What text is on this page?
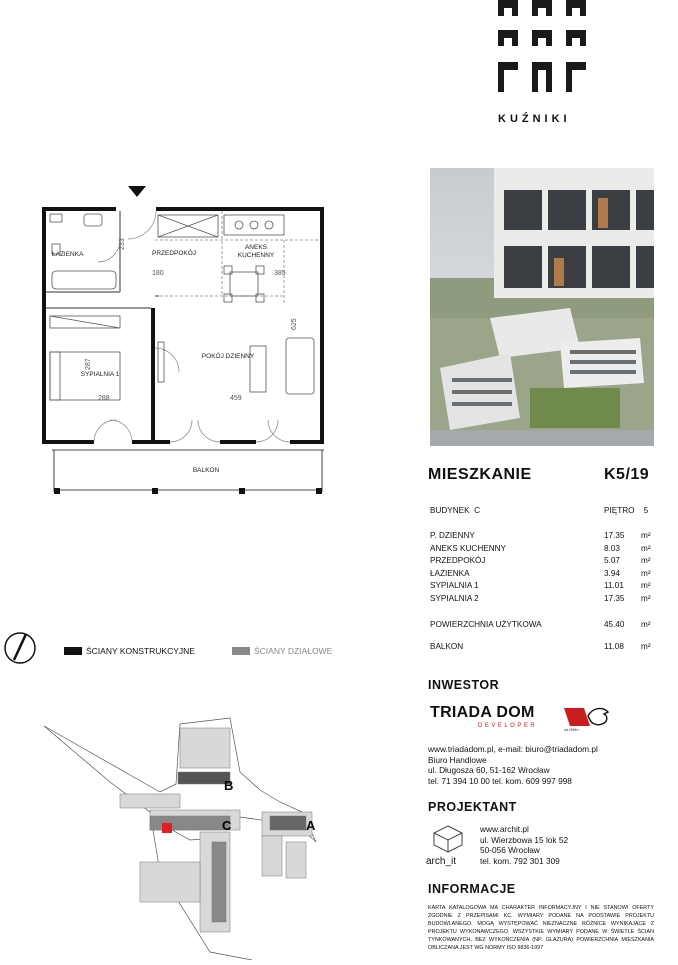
KUŹNIKI
ŁAZIENKA	PRZEDPOKÓJ
ANEKS
KUCHENNY
POKÓJ DZIENNY
SYPIALNIA 1
BALKON
233
180	385
625
287
288	459
MIESZKANIE	K5/19
BUDYNEK C	PIĘTRO 5
P. DZIENNY	17.35 m²
ANEKS KUCHENNY	8.03	m²
PRZEDPOKÓJ	5.07	m²
ŁAZIENKA	3.94	m²
SYPIALNIA 1	11.01 m²
SYPIALNIA 2	17.35 m²
POWIERZCHNIA UŻYTKOWA	45.40 m²
BALKON	11.08 m²
ŚCIANY KONSTRUKCYJNE	ŚCIANY DZIAŁOWE
B
C	A
INWESTOR
TRIADA DOM
DEVELOPER
od 1999 r.
www.triadadom.pl, e-mail: biuro@triadadom.pl
Biuro Handlowe
ul. Długosza 60, 51-162 Wrocław
tel. 71 394 10 00 tel. kom. 609 997 998
PROJEKTANT
arch_it
www.archit.pl
ul. Wierzbowa 15 lok 52
50-056 Wrocław
tel. kom. 792 301 309
INFORMACJE
KARTA KATALOGOWA MA CHARAKTER INFORMACYJNY I NIE STANOWI OFERTY ZGODNIE Z PRZEPISAMI KC. WYMIARY PODANE NA PODSTAWIE PROJEKTU BUDOWLANEGO. MOGĄ WYSTĘPOWAĆ NIEZNACZNE RÓŻNICE WYNIKAJĄCE Z PROJEKTU WYKONAWCZEGO. WSZYSTKIE WYMIARY PODANE W ŚWIETLE ŚCIAN TYNKOWANYCH, BEZ WYKOŃCZENIA (NP. GLAZURA) POWIERZCHNIA MIESZKANIA OBLICZANA JEST WG NORMY ISO 9836-1997
